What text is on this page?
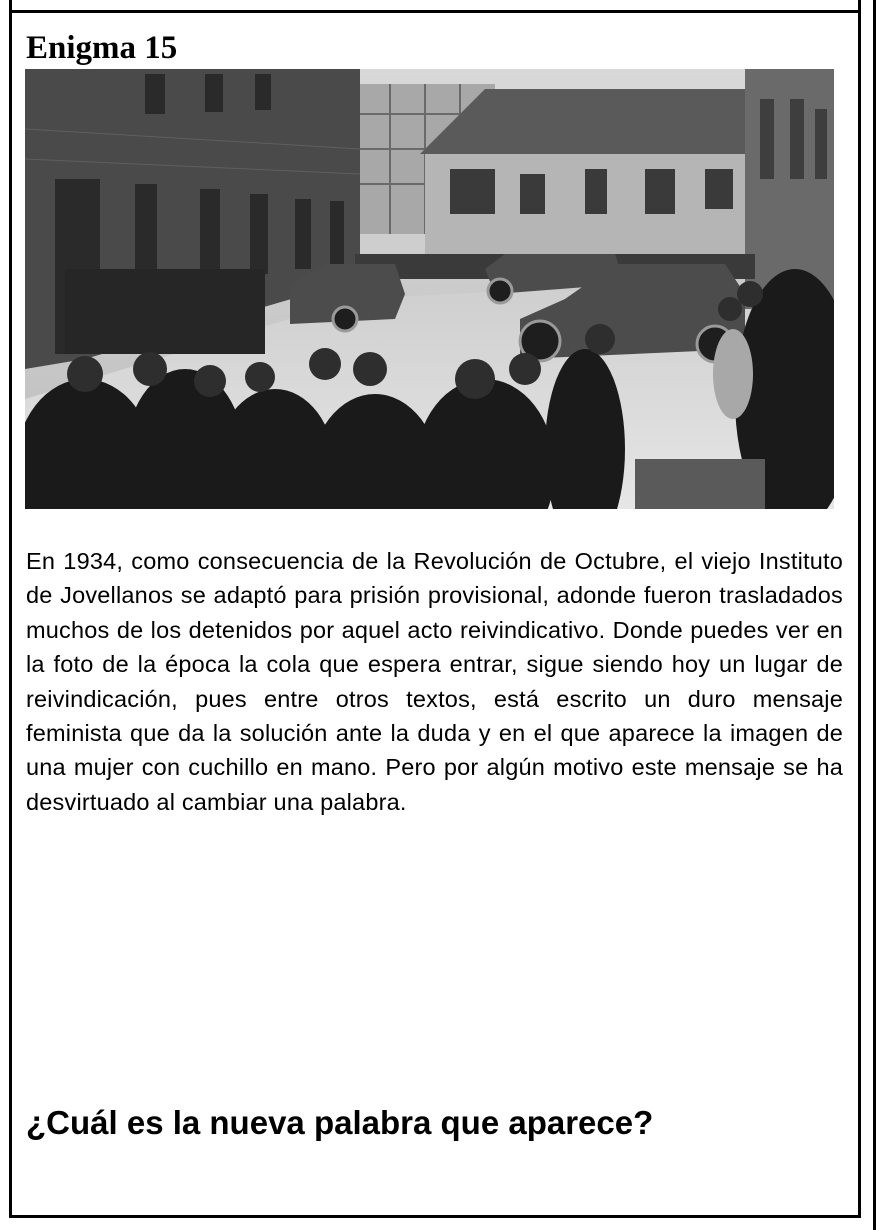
Enigma 15

En 1934, como consecuencia de la Revolución de Octubre, el viejo Instituto de Jovellanos se adaptó para prisión provisional, adonde fueron trasladados muchos de los detenidos por aquel acto reivindicativo. Donde puedes ver en la foto de la época la cola que espera entrar, sigue siendo hoy un lugar de reivindicación, pues entre otros textos, está escrito un duro mensaje feminista que da la solución ante la duda y en el que aparece la imagen de una mujer con cuchillo en mano. Pero por algún motivo este mensaje se ha desvirtuado al cambiar una palabra.

¿Cuál es la nueva palabra que aparece?
